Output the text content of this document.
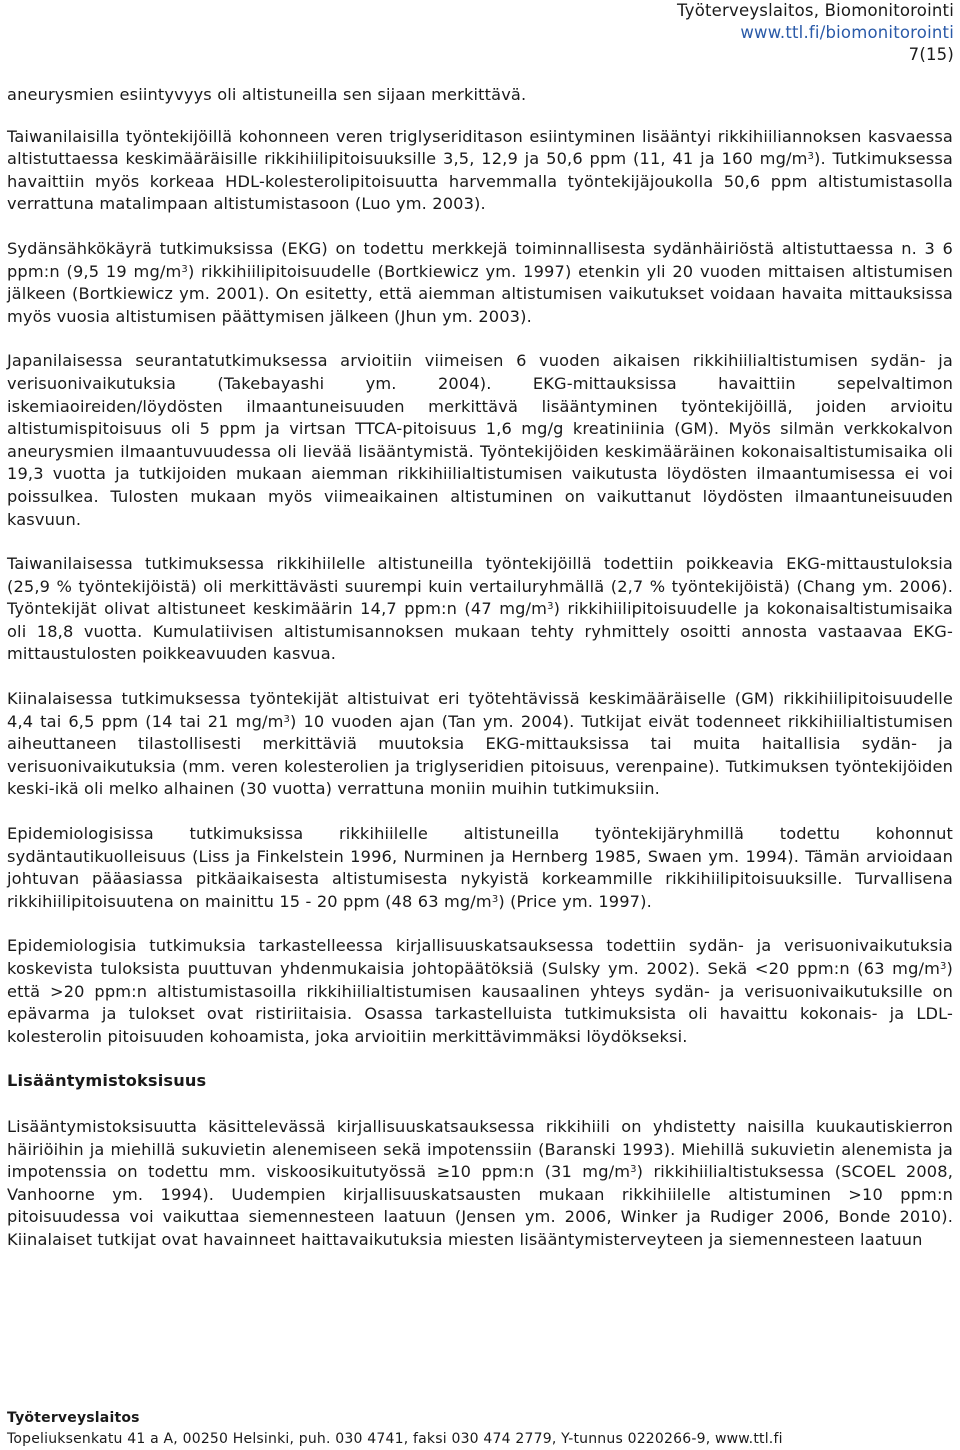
Työterveyslaitos, Biomonitorointi
www.ttl.fi/biomonitorointi
7(15)

aneurysmien esiintyvyys oli altistuneilla sen sijaan merkittävä.

Taiwanilaisilla työntekijöillä kohonneen veren triglyseriditason esiintyminen lisääntyi rikkihiiliannoksen kasvaessa altistuttaessa keskimääräisille rikkihiilipitoisuuksille 3,5, 12,9 ja 50,6 ppm (11, 41 ja 160 $mg/m^3$). Tutkimuksessa havaittiin myös korkeaa HDL-kolesterolipitoisuutta harvemmalla työntekijäjoukolla 50,6 ppm altistumistasolla verrattuna matalimpaan altistumistasoon (Luo ym. 2003).

Sydänsähkökäyrä tutkimuksissa (EKG) on todettu merkkejä toiminnallisesta sydänhäiriöstä altistuttaessa n. 3 6 ppm:n (9,5 19 $mg/m^3$) rikkihiilipitoisuudelle (Bortkiewicz ym. 1997) etenkin yli 20 vuoden mittaisen altistumisen jälkeen (Bortkiewicz ym. 2001). On esitetty, että aiemman altistumisen vaikutukset voidaan havaita mittauksissa myös vuosia altistumisen päättymisen jälkeen (Jhun ym. 2003).

Japanilaisessa seurantatutkimuksessa arvioitiin viimeisen 6 vuoden aikaisen rikkihiilialtistumisen sydän- ja verisuonivaikutuksia (Takebayashi ym. 2004). EKG-mittauksissa havaittiin sepelvaltimon iskemiaoireiden/löydösten ilmaantuneisuuden merkittävä lisääntyminen työntekijöillä, joiden arvioitu altistumispitoisuus oli 5 ppm ja virtsan TTCA-pitoisuus 1,6 mg/g kreatiniinia (GM). Myös silmän verkkokalvon aneurysmien ilmaantuvuudessa oli lievää lisääntymistä. Työntekijöiden keskimääräinen kokonaisaltistumisaika oli 19,3 vuotta ja tutkijoiden mukaan aiemman rikkihiilialtistumisen vaikutusta löydösten ilmaantumisessa ei voi poissulkea. Tulosten mukaan myös viimeaikainen altistuminen on vaikuttanut löydösten ilmaantuneisuuden kasvuun.

Taiwanilaisessa tutkimuksessa rikkihiilelle altistuneilla työntekijöillä todettiin poikkeavia EKG-mittaustuloksia (25,9 % työntekijöistä) oli merkittävästi suurempi kuin vertailuryhmällä (2,7 % työntekijöistä) (Chang ym. 2006). Työntekijät olivat altistuneet keskimäärin 14,7 ppm:n (47 $mg/m^3$) rikkihiilipitoisuudelle ja kokonaisaltistumisaika oli 18,8 vuotta. Kumulatiivisen altistumisannoksen mukaan tehty ryhmittely osoitti annosta vastaavaa EKG-mittaustulosten poikkeavuuden kasvua.

Kiinalaisessa tutkimuksessa työntekijät altistuivat eri työtehtävissä keskimääräiselle (GM) rikkihiilipitoisuudelle 4,4 tai 6,5 ppm (14 tai 21 $mg/m^3$) 10 vuoden ajan (Tan ym. 2004). Tutkijat eivät todenneet rikkihiilialtistumisen aiheuttaneen tilastollisesti merkittäviä muutoksia EKG-mittauksissa tai muita haitallisia sydän- ja verisuonivaikutuksia (mm. veren kolesterolien ja triglyseridien pitoisuus, verenpaine). Tutkimuksen työntekijöiden keski-ikä oli melko alhainen (30 vuotta) verrattuna moniin muihin tutkimuksiin.

Epidemiologisissa tutkimuksissa rikkihiilelle altistuneilla työntekijäryhmillä todettu kohonnut sydäntautikuolleisuus (Liss ja Finkelstein 1996, Nurminen ja Hernberg 1985, Swaen ym. 1994). Tämän arvioidaan johtuvan pääasiassa pitkäaikaisesta altistumisesta nykyistä korkeammille rikkihiilipitoisuuksille. Turvallisena rikkihiilipitoisuutena on mainittu 15 - 20 ppm (48 63 $mg/m^3$) (Price ym. 1997).

Epidemiologisia tutkimuksia tarkastelleessa kirjallisuuskatsauksessa todettiin sydän- ja verisuonivaikutuksia koskevista tuloksista puuttuvan yhdenmukaisia johtopäätöksiä (Sulsky ym. 2002). Sekä <20 ppm:n (63 $mg/m^3$) että >20 ppm:n altistumistasoilla rikkihiilialtistumisen kausaalinen yhteys sydän- ja verisuonivaikutuksille on epävarma ja tulokset ovat ristiriitaisia. Osassa tarkastelluista tutkimuksista oli havaittu kokonais- ja LDL-kolesterolin pitoisuuden kohoamista, joka arvioitiin merkittävimmäksi löydökseksi.

Lisääntymistoksisuus

Lisääntymistoksisuutta käsittelevässä kirjallisuuskatsauksessa rikkihiili on yhdistetty naisilla kuukautiskierron häiriöihin ja miehillä sukuvietin alenemiseen sekä impotenssiin (Baranski 1993). Miehillä sukuvietin alenemista ja impotenssia on todettu mm. viskoosikuitutyössä ≥10 ppm:n (31 $mg/m^3$) rikkihiilialtistuksessa (SCOEL 2008, Vanhoorne ym. 1994). Uudempien kirjallisuuskatsausten mukaan rikkihiilelle altistuminen >10 ppm:n pitoisuudessa voi vaikuttaa siemennesteen laatuun (Jensen ym. 2006, Winker ja Rudiger 2006, Bonde 2010). Kiinalaiset tutkijat ovat havainneet haittavaikutuksia miesten lisääntymisterveyteen ja siemennesteen laatuun

Työterveyslaitos
Topeliuksenkatu 41 a A, 00250 Helsinki, puh. 030 4741, faksi 030 474 2779, Y-tunnus 0220266-9, www.ttl.fi
